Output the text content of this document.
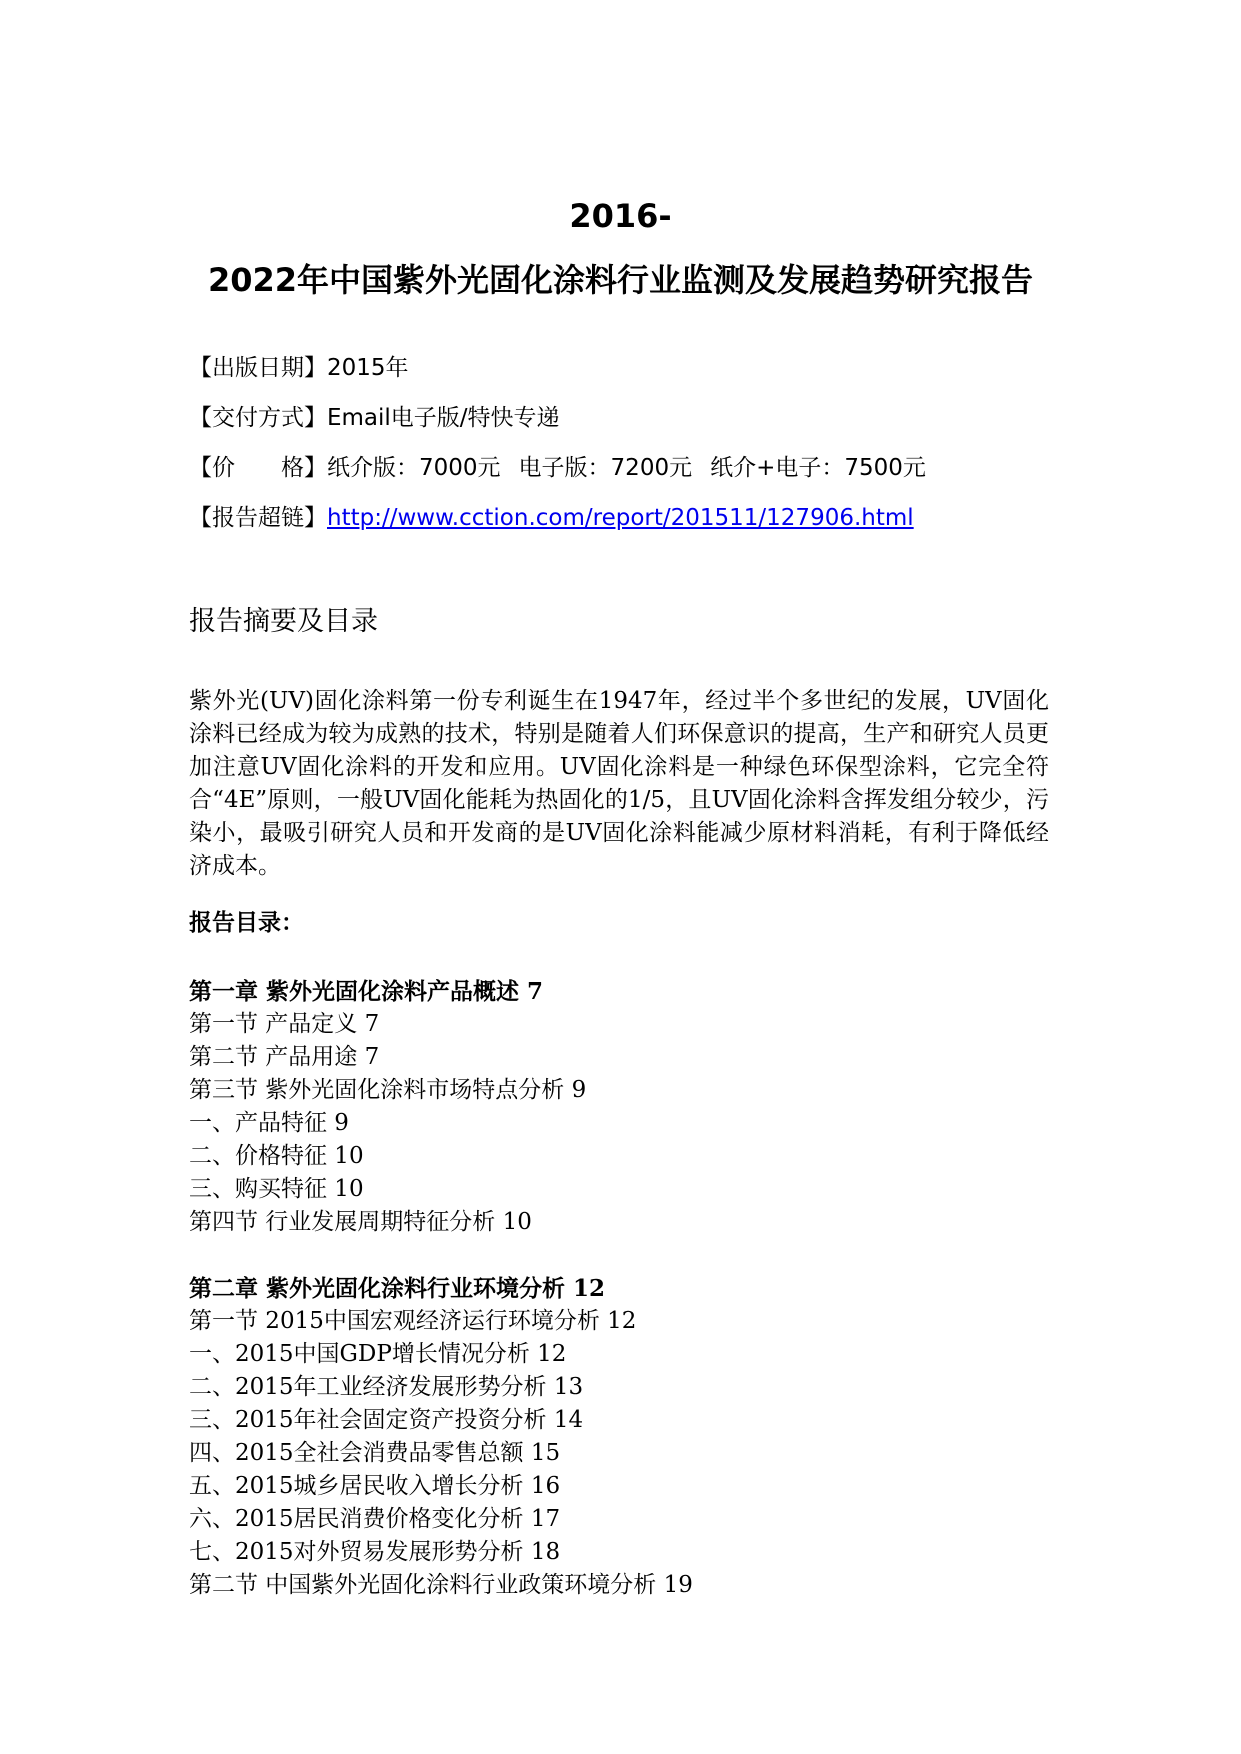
2016-
2022年中国紫外光固化涂料行业监测及发展趋势研究报告
【出版日期】2015年
【交付方式】Email电子版/特快专递
【价　　格】纸介版：7000元 电子版：7200元 纸介+电子：7500元
【报告超链】http://www.cction.com/report/201511/127906.html
报告摘要及目录
紫外光(UV)固化涂料第一份专利诞生在1947年，经过半个多世纪的发展，UV固化涂料已经成为较为成熟的技术，特别是随着人们环保意识的提高，生产和研究人员更加注意UV固化涂料的开发和应用。UV固化涂料是一种绿色环保型涂料，它完全符合“4E”原则，一般UV固化能耗为热固化的1/5，且UV固化涂料含挥发组分较少，污染小，最吸引研究人员和开发商的是UV固化涂料能减少原材料消耗，有利于降低经济成本。
报告目录：
第一章 紫外光固化涂料产品概述 7
第一节 产品定义 7
第二节 产品用途 7
第三节 紫外光固化涂料市场特点分析 9
一、产品特征 9
二、价格特征 10
三、购买特征 10
第四节 行业发展周期特征分析 10
第二章 紫外光固化涂料行业环境分析 12
第一节 2015中国宏观经济运行环境分析 12
一、2015中国GDP增长情况分析 12
二、2015年工业经济发展形势分析 13
三、2015年社会固定资产投资分析 14
四、2015全社会消费品零售总额 15
五、2015城乡居民收入增长分析 16
六、2015居民消费价格变化分析 17
七、2015对外贸易发展形势分析 18
第二节 中国紫外光固化涂料行业政策环境分析 19
